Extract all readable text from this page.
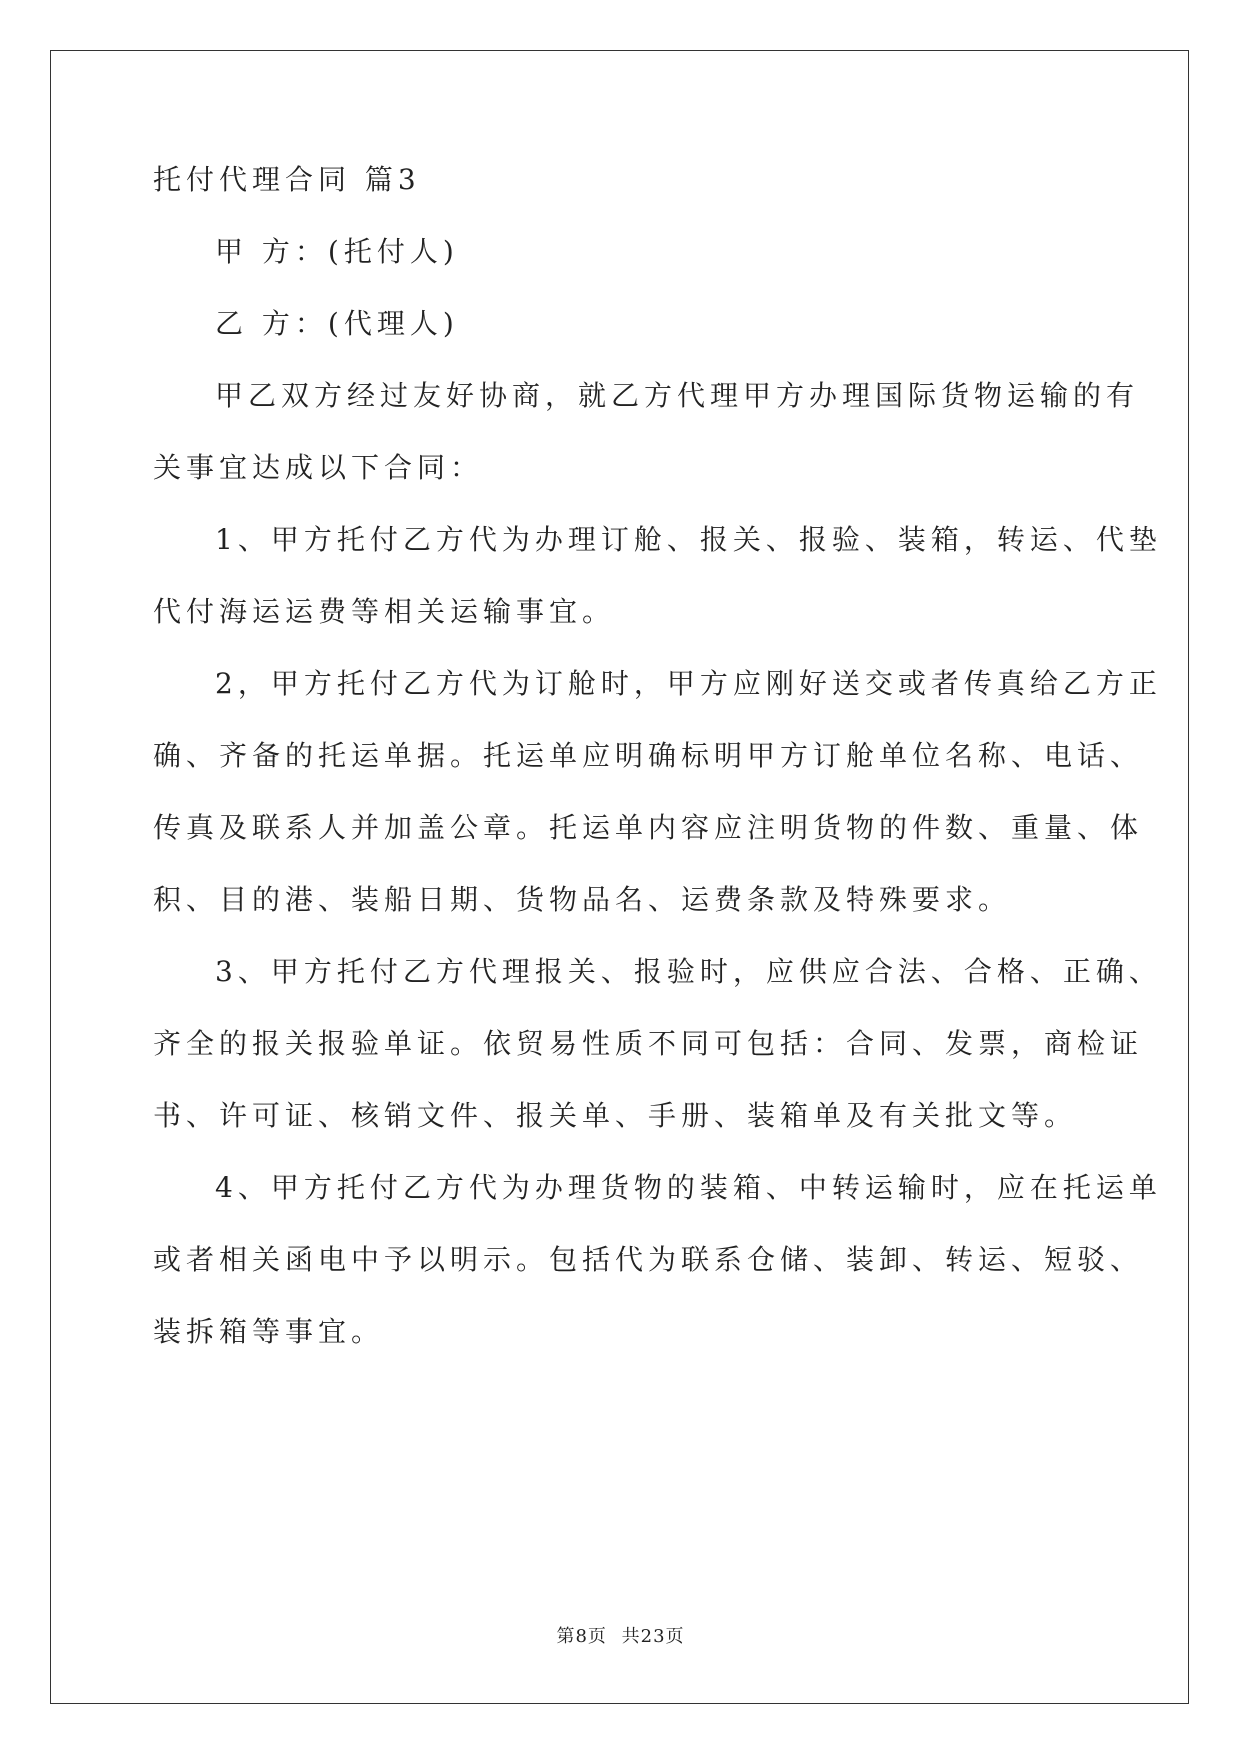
托付代理合同 篇3
甲 方：(托付人)
乙 方：(代理人)
甲乙双方经过友好协商，就乙方代理甲方办理国际货物运输的有
关事宜达成以下合同：
1、甲方托付乙方代为办理订舱、报关、报验、装箱，转运、代垫
代付海运运费等相关运输事宜。
2，甲方托付乙方代为订舱时，甲方应刚好送交或者传真给乙方正
确、齐备的托运单据。托运单应明确标明甲方订舱单位名称、电话、
传真及联系人并加盖公章。托运单内容应注明货物的件数、重量、体
积、目的港、装船日期、货物品名、运费条款及特殊要求。
3、甲方托付乙方代理报关、报验时，应供应合法、合格、正确、
齐全的报关报验单证。依贸易性质不同可包括：合同、发票，商检证
书、许可证、核销文件、报关单、手册、装箱单及有关批文等。
4、甲方托付乙方代为办理货物的装箱、中转运输时，应在托运单
或者相关函电中予以明示。包括代为联系仓储、装卸、转运、短驳、
装拆箱等事宜。
第8页 共23页
